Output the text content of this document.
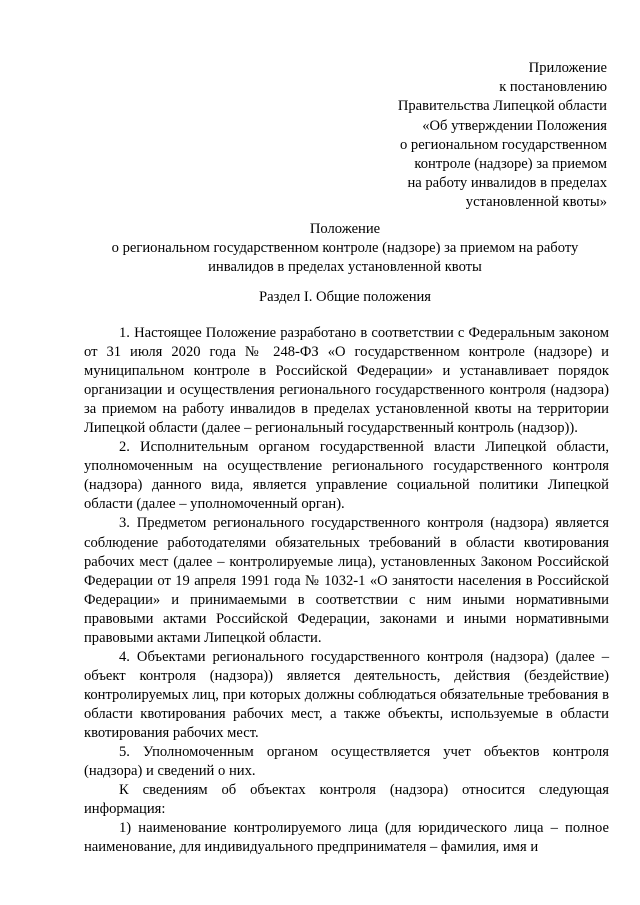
Приложение
к постановлению
Правительства Липецкой области
«Об утверждении Положения
о региональном государственном
контроле (надзоре) за приемом
на работу инвалидов в пределах
установленной квоты»
Положение
о региональном государственном контроле (надзоре) за приемом на работу
инвалидов в пределах установленной квоты
Раздел I. Общие положения

1. Настоящее Положение разработано в соответствии с Федеральным законом от 31 июля 2020 года № 248-ФЗ «О государственном контроле (надзоре) и муниципальном контроле в Российской Федерации» и устанавливает порядок организации и осуществления регионального государственного контроля (надзора) за приемом на работу инвалидов в пределах установленной квоты на территории Липецкой области (далее – региональный государственный контроль (надзор)).

2. Исполнительным органом государственной власти Липецкой области, уполномоченным на осуществление регионального государственного контроля (надзора) данного вида, является управление социальной политики Липецкой области (далее – уполномоченный орган).

3. Предметом регионального государственного контроля (надзора) является соблюдение работодателями обязательных требований в области квотирования рабочих мест (далее – контролируемые лица), установленных Законом Российской Федерации от 19 апреля 1991 года № 1032-1 «О занятости населения в Российской Федерации» и принимаемыми в соответствии с ним иными нормативными правовыми актами Российской Федерации, законами и иными нормативными правовыми актами Липецкой области.

4. Объектами регионального государственного контроля (надзора) (далее – объект контроля (надзора)) является деятельность, действия (бездействие) контролируемых лиц, при которых должны соблюдаться обязательные требования в области квотирования рабочих мест, а также объекты, используемые в области квотирования рабочих мест.

5. Уполномоченным органом осуществляется учет объектов контроля (надзора) и сведений о них.

К сведениям об объектах контроля (надзора) относится следующая информация:

1) наименование контролируемого лица (для юридического лица – полное наименование, для индивидуального предпринимателя – фамилия, имя и
